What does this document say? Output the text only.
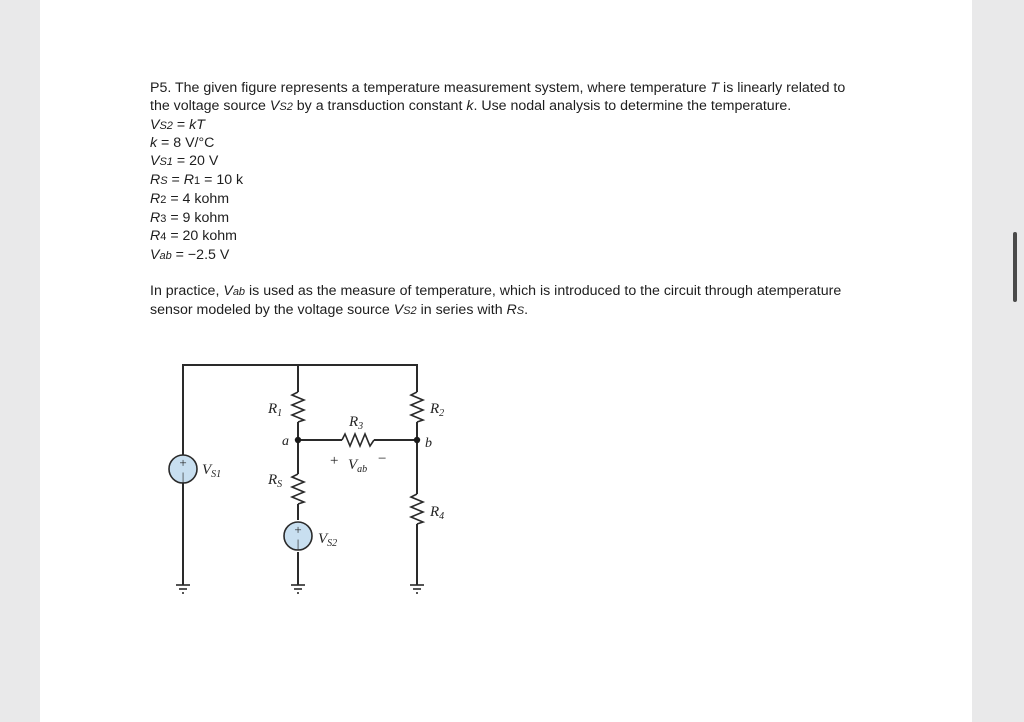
P5. The given figure represents a temperature measurement system, where temperature T is linearly related to the voltage source VS2 by a transduction constant k. Use nodal analysis to determine the temperature.

VS2 = kT

k = 8 V/°C

VS1 = 20 V

RS = R1 = 10 k

R2 = 4 kohm

R3 = 9 kohm

R4 = 20 kohm

Vab = −2.5 V

In practice, Vab is used as the measure of temperature, which is introduced to the circuit through atemperature sensor modeled by the voltage source VS2 in series with RS.

+
|
+
|
$R_1$	$R_2$
$R_3$
$R_4$
$R_S$
$V_{S1}$
$V_{S2}$
a	b
+ $V_{ab}$
−
